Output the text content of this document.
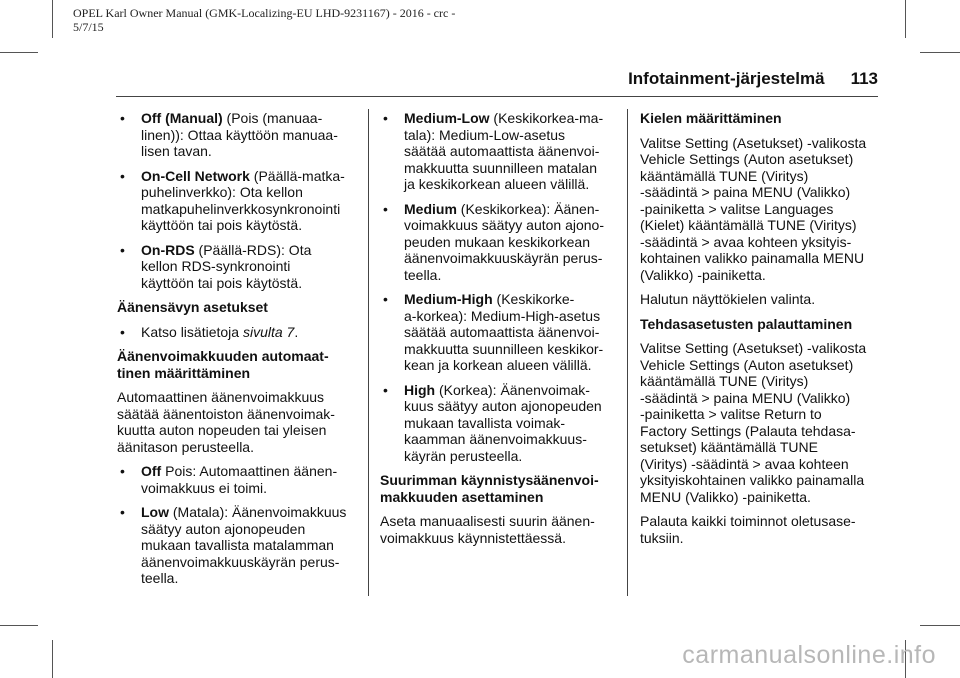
OPEL Karl Owner Manual (GMK-Localizing-EU LHD-9231167) - 2016 - crc -
5/7/15
Infotainment-järjestelmä 113
•	Off (Manual) (Pois (manuaa-
linen)): Ottaa käyttöön manuaa-
lisen tavan.
•	On-Cell Network (Päällä-matka-
puhelinverkko): Ota kellon
matkapuhelinverkkosynkronointi
käyttöön tai pois käytöstä.
•	On-RDS (Päällä-RDS): Ota
kellon RDS-synkronointi
käyttöön tai pois käytöstä.
Äänensävyn asetukset
•	Katso lisätietoja sivulta 7.
Äänenvoimakkuuden automaat-
tinen määrittäminen
Automaattinen äänenvoimakkuus
säätää äänentoiston äänenvoimak-
kuutta auton nopeuden tai yleisen
äänitason perusteella.
•	Off Pois: Automaattinen äänen-
voimakkuus ei toimi.
•	Low (Matala): Äänenvoimakkuus
säätyy auton ajonopeuden
mukaan tavallista matalamman
äänenvoimakkuuskäyrän perus-
teella.
•	Medium-Low (Keskikorkea-ma-
tala): Medium-Low-asetus
säätää automaattista äänenvoi-
makkuutta suunnilleen matalan
ja keskikorkean alueen välillä.
•	Medium (Keskikorkea): Äänen-
voimakkuus säätyy auton ajono-
peuden mukaan keskikorkean
äänenvoimakkuuskäyrän perus-
teella.
•	Medium-High (Keskikorke-
a-korkea): Medium-High-asetus
säätää automaattista äänenvoi-
makkuutta suunnilleen keskikor-
kean ja korkean alueen välillä.
•	High (Korkea): Äänenvoimak-
kuus säätyy auton ajonopeuden
mukaan tavallista voimak-
kaamman äänenvoimakkuus-
käyrän perusteella.
Suurimman käynnistysäänenvoi-
makkuuden asettaminen
Aseta manuaalisesti suurin äänen-
voimakkuus käynnistettäessä.
Kielen määrittäminen
Valitse Setting (Asetukset) -valikosta
Vehicle Settings (Auton asetukset)
kääntämällä TUNE (Viritys)
-säädintä > paina MENU (Valikko)
-painiketta > valitse Languages
(Kielet) kääntämällä TUNE (Viritys)
-säädintä > avaa kohteen yksityis-
kohtainen valikko painamalla MENU
(Valikko) -painiketta.
Halutun näyttökielen valinta.
Tehdasasetusten palauttaminen
Valitse Setting (Asetukset) -valikosta
Vehicle Settings (Auton asetukset)
kääntämällä TUNE (Viritys)
-säädintä > paina MENU (Valikko)
-painiketta > valitse Return to
Factory Settings (Palauta tehdasa-
setukset) kääntämällä TUNE
(Viritys) -säädintä > avaa kohteen
yksityiskohtainen valikko painamalla
MENU (Valikko) -painiketta.
Palauta kaikki toiminnot oletusase-
tuksiin.
carmanualsonline.info
